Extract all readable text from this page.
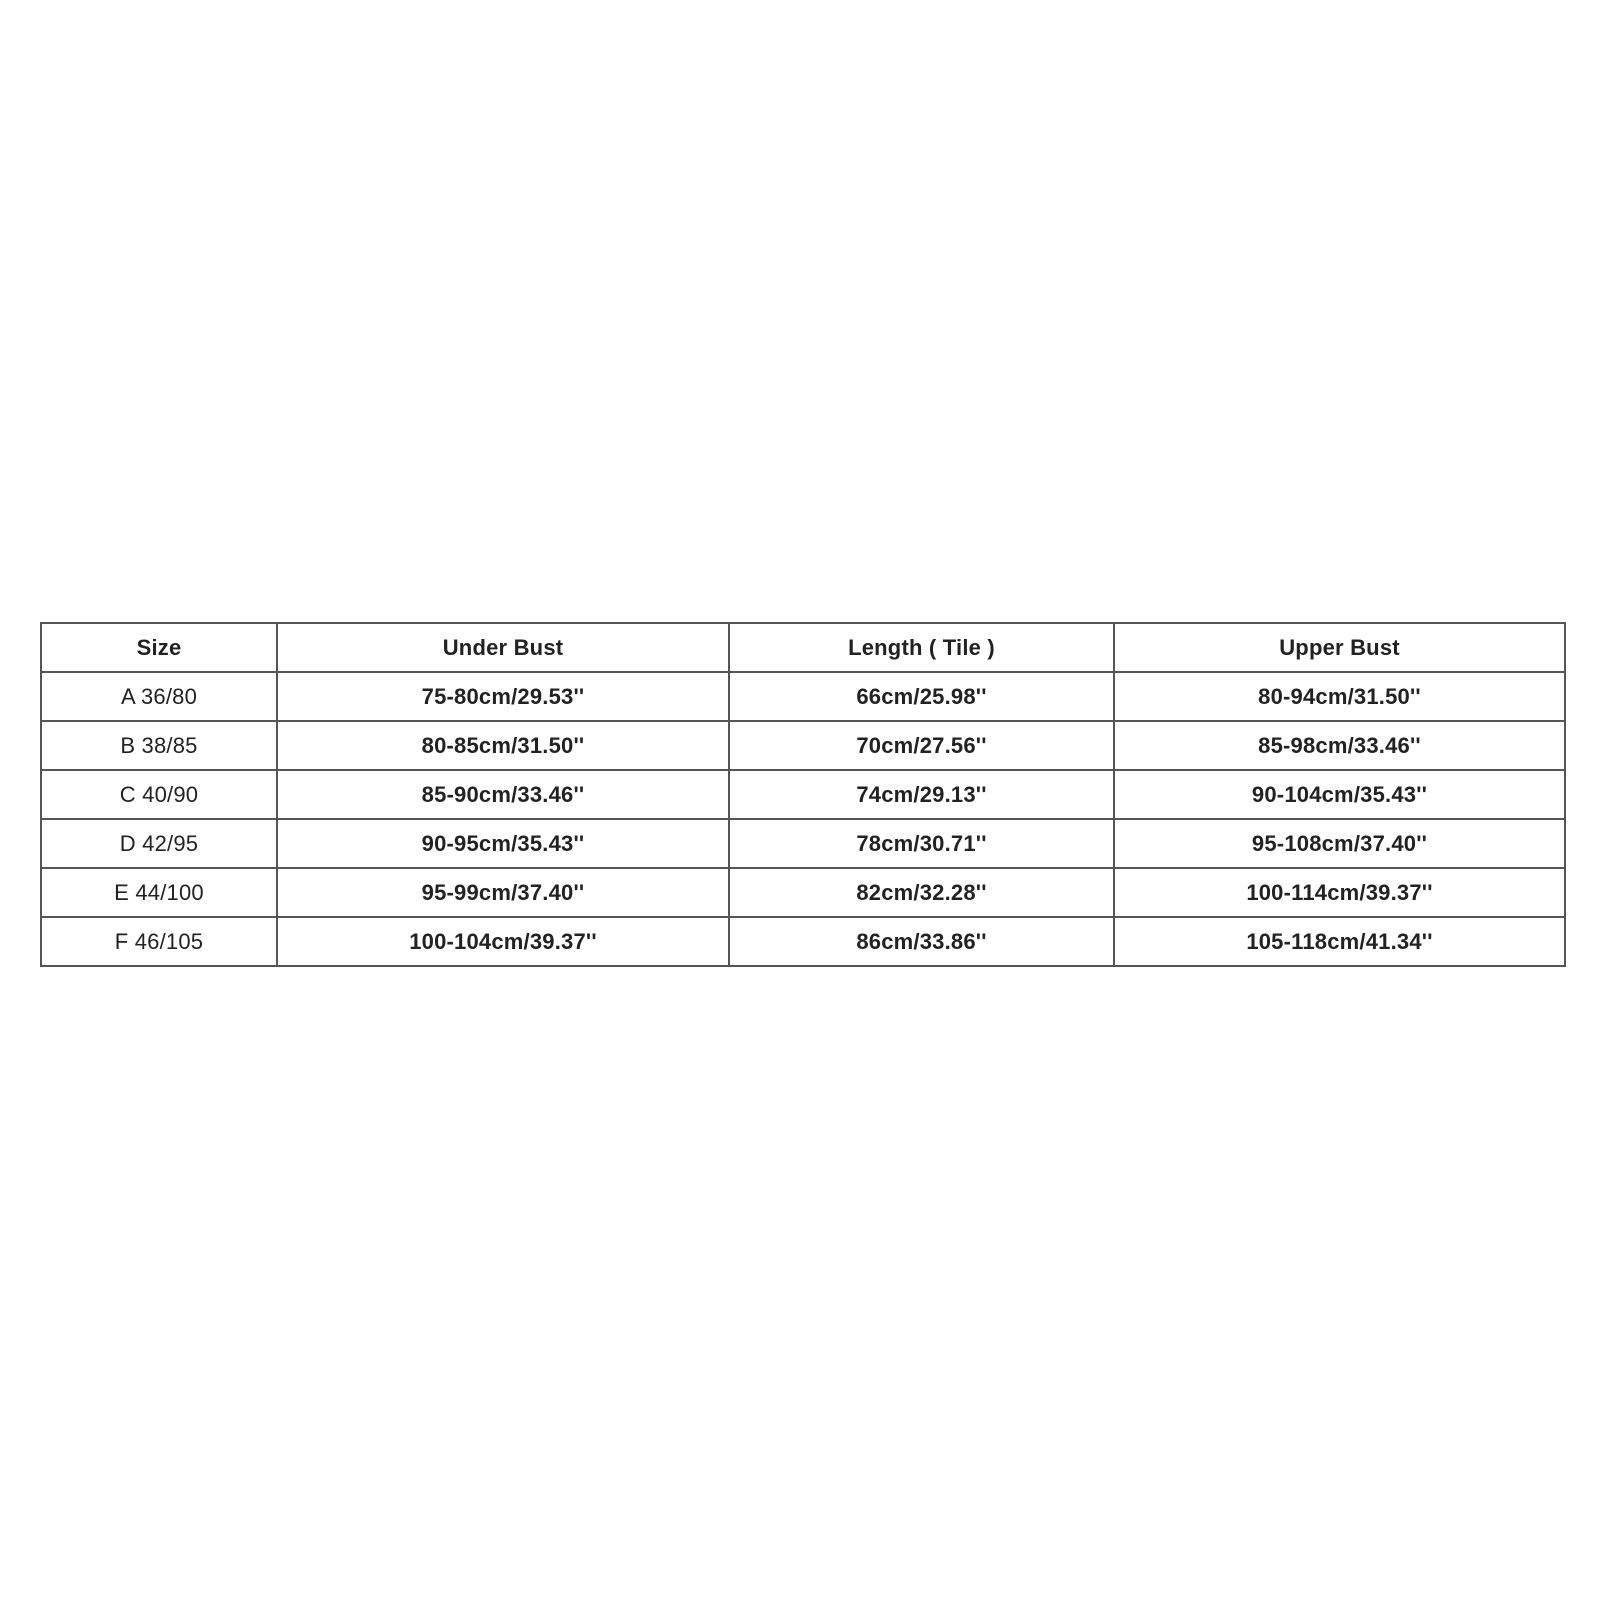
Size	Under Bust	Length ( Tile )	Upper Bust
A 36/80	75-80cm/29.53''	66cm/25.98''	80-94cm/31.50''
B 38/85	80-85cm/31.50''	70cm/27.56''	85-98cm/33.46''
C 40/90	85-90cm/33.46''	74cm/29.13''	90-104cm/35.43''
D 42/95	90-95cm/35.43''	78cm/30.71''	95-108cm/37.40''
E 44/100	95-99cm/37.40''	82cm/32.28''	100-114cm/39.37''
F 46/105	100-104cm/39.37''	86cm/33.86''	105-118cm/41.34''
